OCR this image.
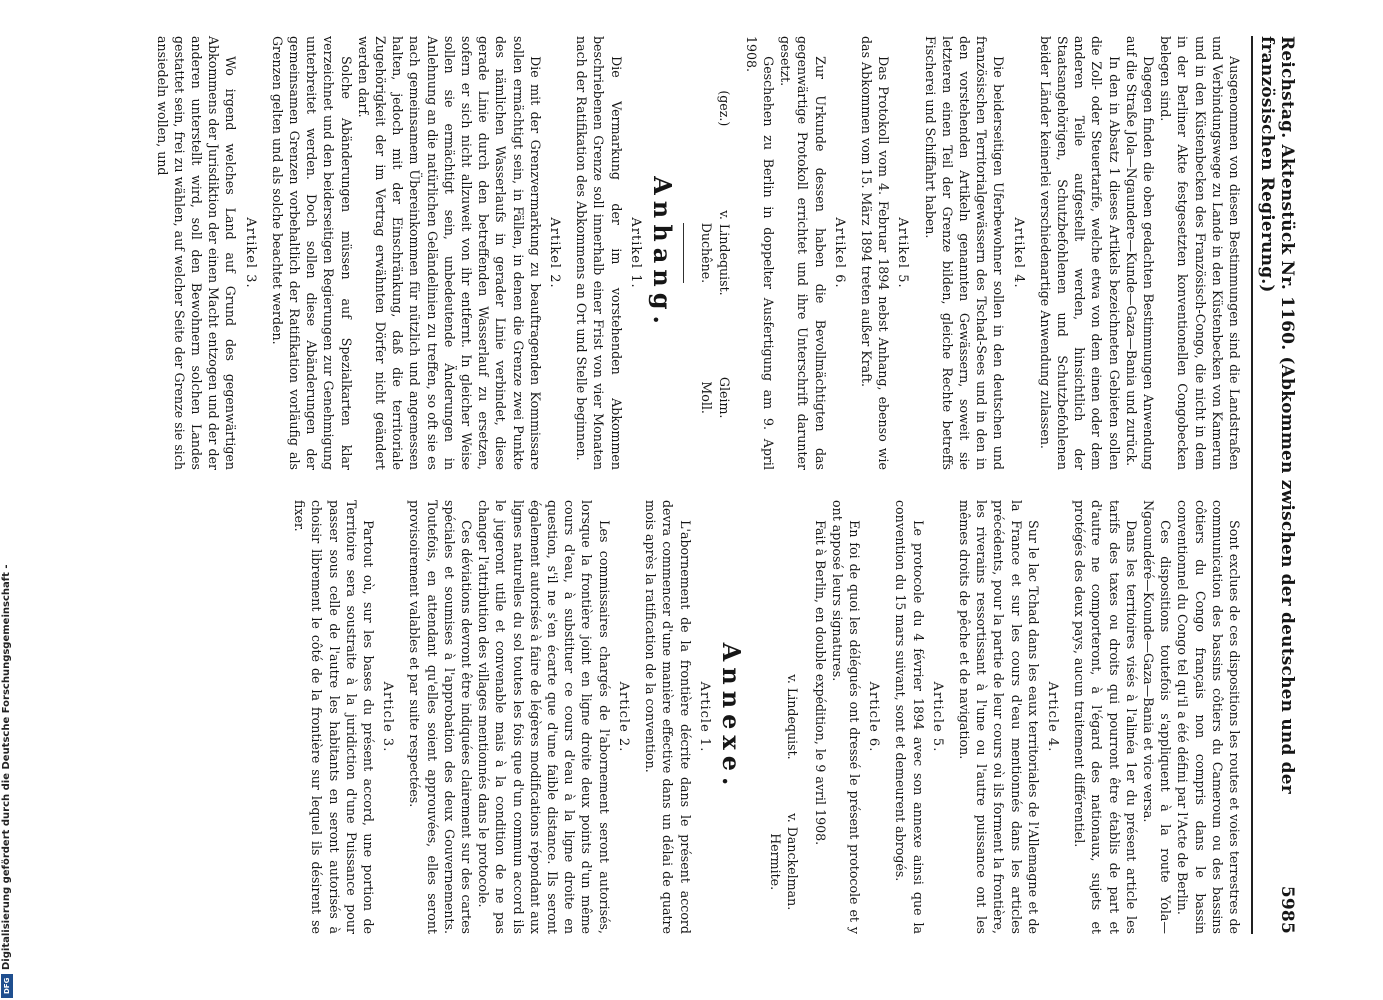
Reichstag. Aktenstück Nr. 1160. (Abkommen zwischen der deutschen und der französischen Regierung.)
5985

Ausgenommen von diesen Bestimmungen sind die Landstraßen und Verbindungswege zu Lande in den Küstenbecken von Kamerun und in den Küstenbecken des Französisch-Congo, die nicht in dem in der Berliner Akte festgesetzten konventionellen Congobecken belegen sind.

Dagegen finden die oben gedachten Bestimmungen Anwendung auf die Straße Jola—Ngaundere—Kunde—Gaza—Bania und zurück.

In den in Absatz 1 dieses Artikels bezeichneten Gebieten sollen die Zoll- oder Steuertarife, welche etwa von dem einen oder dem anderen Teile aufgestellt werden, hinsichtlich der Staatsangehörigen, Schutzbefohlenen und Schutzbefohlenen beider Länder keinerlei verschiedenartige Anwendung zulassen.

Artikel 4.

Die beiderseitigen Uferbewohner sollen in den deutschen und französischen Territorialgewässern des Tschad-Sees und in den in den vorstehenden Artikeln genannten Gewässern, soweit sie letzteren einen Teil der Grenze bilden, gleiche Rechte betreffs Fischerei und Schiffahrt haben.

Artikel 5.

Das Protokoll vom 4. Februar 1894 nebst Anhang, ebenso wie das Abkommen vom 15. März 1894 treten außer Kraft.

Artikel 6.

Zur Urkunde dessen haben die Bevollmächtigten das gegenwärtige Protokoll errichtet und ihre Unterschrift darunter gesetzt.

Geschehen zu Berlin in doppelter Ausfertigung am 9. April 1908.

(gez.)
v. Lindequist.
Duchêne.
Gleim.
Moll.
Anhang.
Artikel 1.

Die Vermarkung der im vorstehenden Abkommen beschriebenen Grenze soll innerhalb einer Frist von vier Monaten nach der Ratifikation des Abkommens an Ort und Stelle beginnen.

Artikel 2.

Die mit der Grenzvermarkung zu beauftragenden Kommissare sollen ermächtigt sein, in Fällen, in denen die Grenze zwei Punkte des nämlichen Wasserlaufs in gerader Linie verbindet, diese gerade Linie durch den betreffenden Wasserlauf zu ersetzen, sofern er sich nicht allzuweit von ihr entfernt. In gleicher Weise sollen sie ermächtigt sein, unbedeutende Änderungen in Anlehnung an die natürlichen Geländelinien zu treffen, so oft sie es nach gemeinsamem Übereinkommen für nützlich und angemessen halten, jedoch mit der Einschränkung, daß die territoriale Zugehörigkeit der im Vertrag erwähnten Dörfer nicht geändert werden darf.

Solche Abänderungen müssen auf Spezialkarten klar verzeichnet und den beiderseitigen Regierungen zur Genehmigung unterbreitet werden. Doch sollen diese Abänderungen der gemeinsamen Grenzen vorbehaltlich der Ratifikation vorläufig als Grenzen gelten und als solche beachtet werden.

Artikel 3.

Wo irgend welches Land auf Grund des gegenwärtigen Abkommens der Jurisdiktion der einen Macht entzogen und der der anderen unterstellt wird, soll den Bewohnern solchen Landes gestattet sein, frei zu wählen, auf welcher Seite der Grenze sie sich ansiedeln wollen, und

Sont exclues de ces dispositions les routes et voies terrestres de communication des bassins côtiers du Cameroun ou des bassins côtiers du Congo français non compris dans le bassin conventionnel du Congo tel qu'il a été défini par l'Acte de Berlin.

Ces dispositions toutefois s'appliquent à la route Yola—Ngaoundéré—Kounde—Gaza—Bania et vice versa.

Dans les territoires visés à l'alinéa 1er du présent article les tarifs des taxes ou droits qui pourront être établis de part et d'autre ne comporteront, à l'égard des nationaux, sujets et protégés des deux pays, aucun traitement différentiel.

Article 4.

Sur le lac Tchad dans les eaux territoriales de l'Allemagne et de la France et sur les cours d'eau mentionnés dans les articles précédents, pour la partie de leur cours où ils forment la frontière, les riverains ressortissant à l'une ou l'autre puissance ont les mêmes droits de pêche et de navigation.

Article 5.

Le protocole du 4 février 1894 avec son annexe ainsi que la convention du 15 mars suivant, sont et demeurent abrogés.

Article 6.

En foi de quoi les délégués ont dressé le présent protocole et y ont apposé leurs signatures.

Fait à Berlin, en double expédition, le 9 avril 1908.

v. Lindequist.
v. Danckelman.
Hermite.
Annexe.
Article 1.

L'abornement de la frontière décrite dans le présent accord devra commencer d'une manière effective dans un délai de quatre mois après la ratification de la convention.

Article 2.

Les commissaires chargés de l'abornement seront autorisés, lorsque la frontière joint en ligne droite deux points d'un même cours d'eau, à substituer ce cours d'eau à la ligne droite en question, s'il ne s'en écarte que d'une faible distance. Ils seront également autorisés à faire de légères modifications répondant aux lignes naturelles du sol toutes les fois que d'un commun accord ils le jugeront utile et convenable mais à la condition de ne pas changer l'attribution des villages mentionnés dans le protocole.

Ces déviations devront être indiquées clairement sur des cartes spéciales et soumises à l'approbation des deux Gouvernements. Toutefois, en attendant qu'elles soient approuvées, elles seront provisoirement valables et par suite respectées.

Article 3.

Partout où, sur les bases du présent accord, une portion de Territoire sera soustraite à la juridiction d'une Puissance pour passer sous celle de l'autre les habitants en seront autorisés à choisir librement le côté de la frontière sur lequel ils désirent se fixer.

Digitalisierung gefördert durch die Deutsche Forschungsgemeinschaft -
DFG
